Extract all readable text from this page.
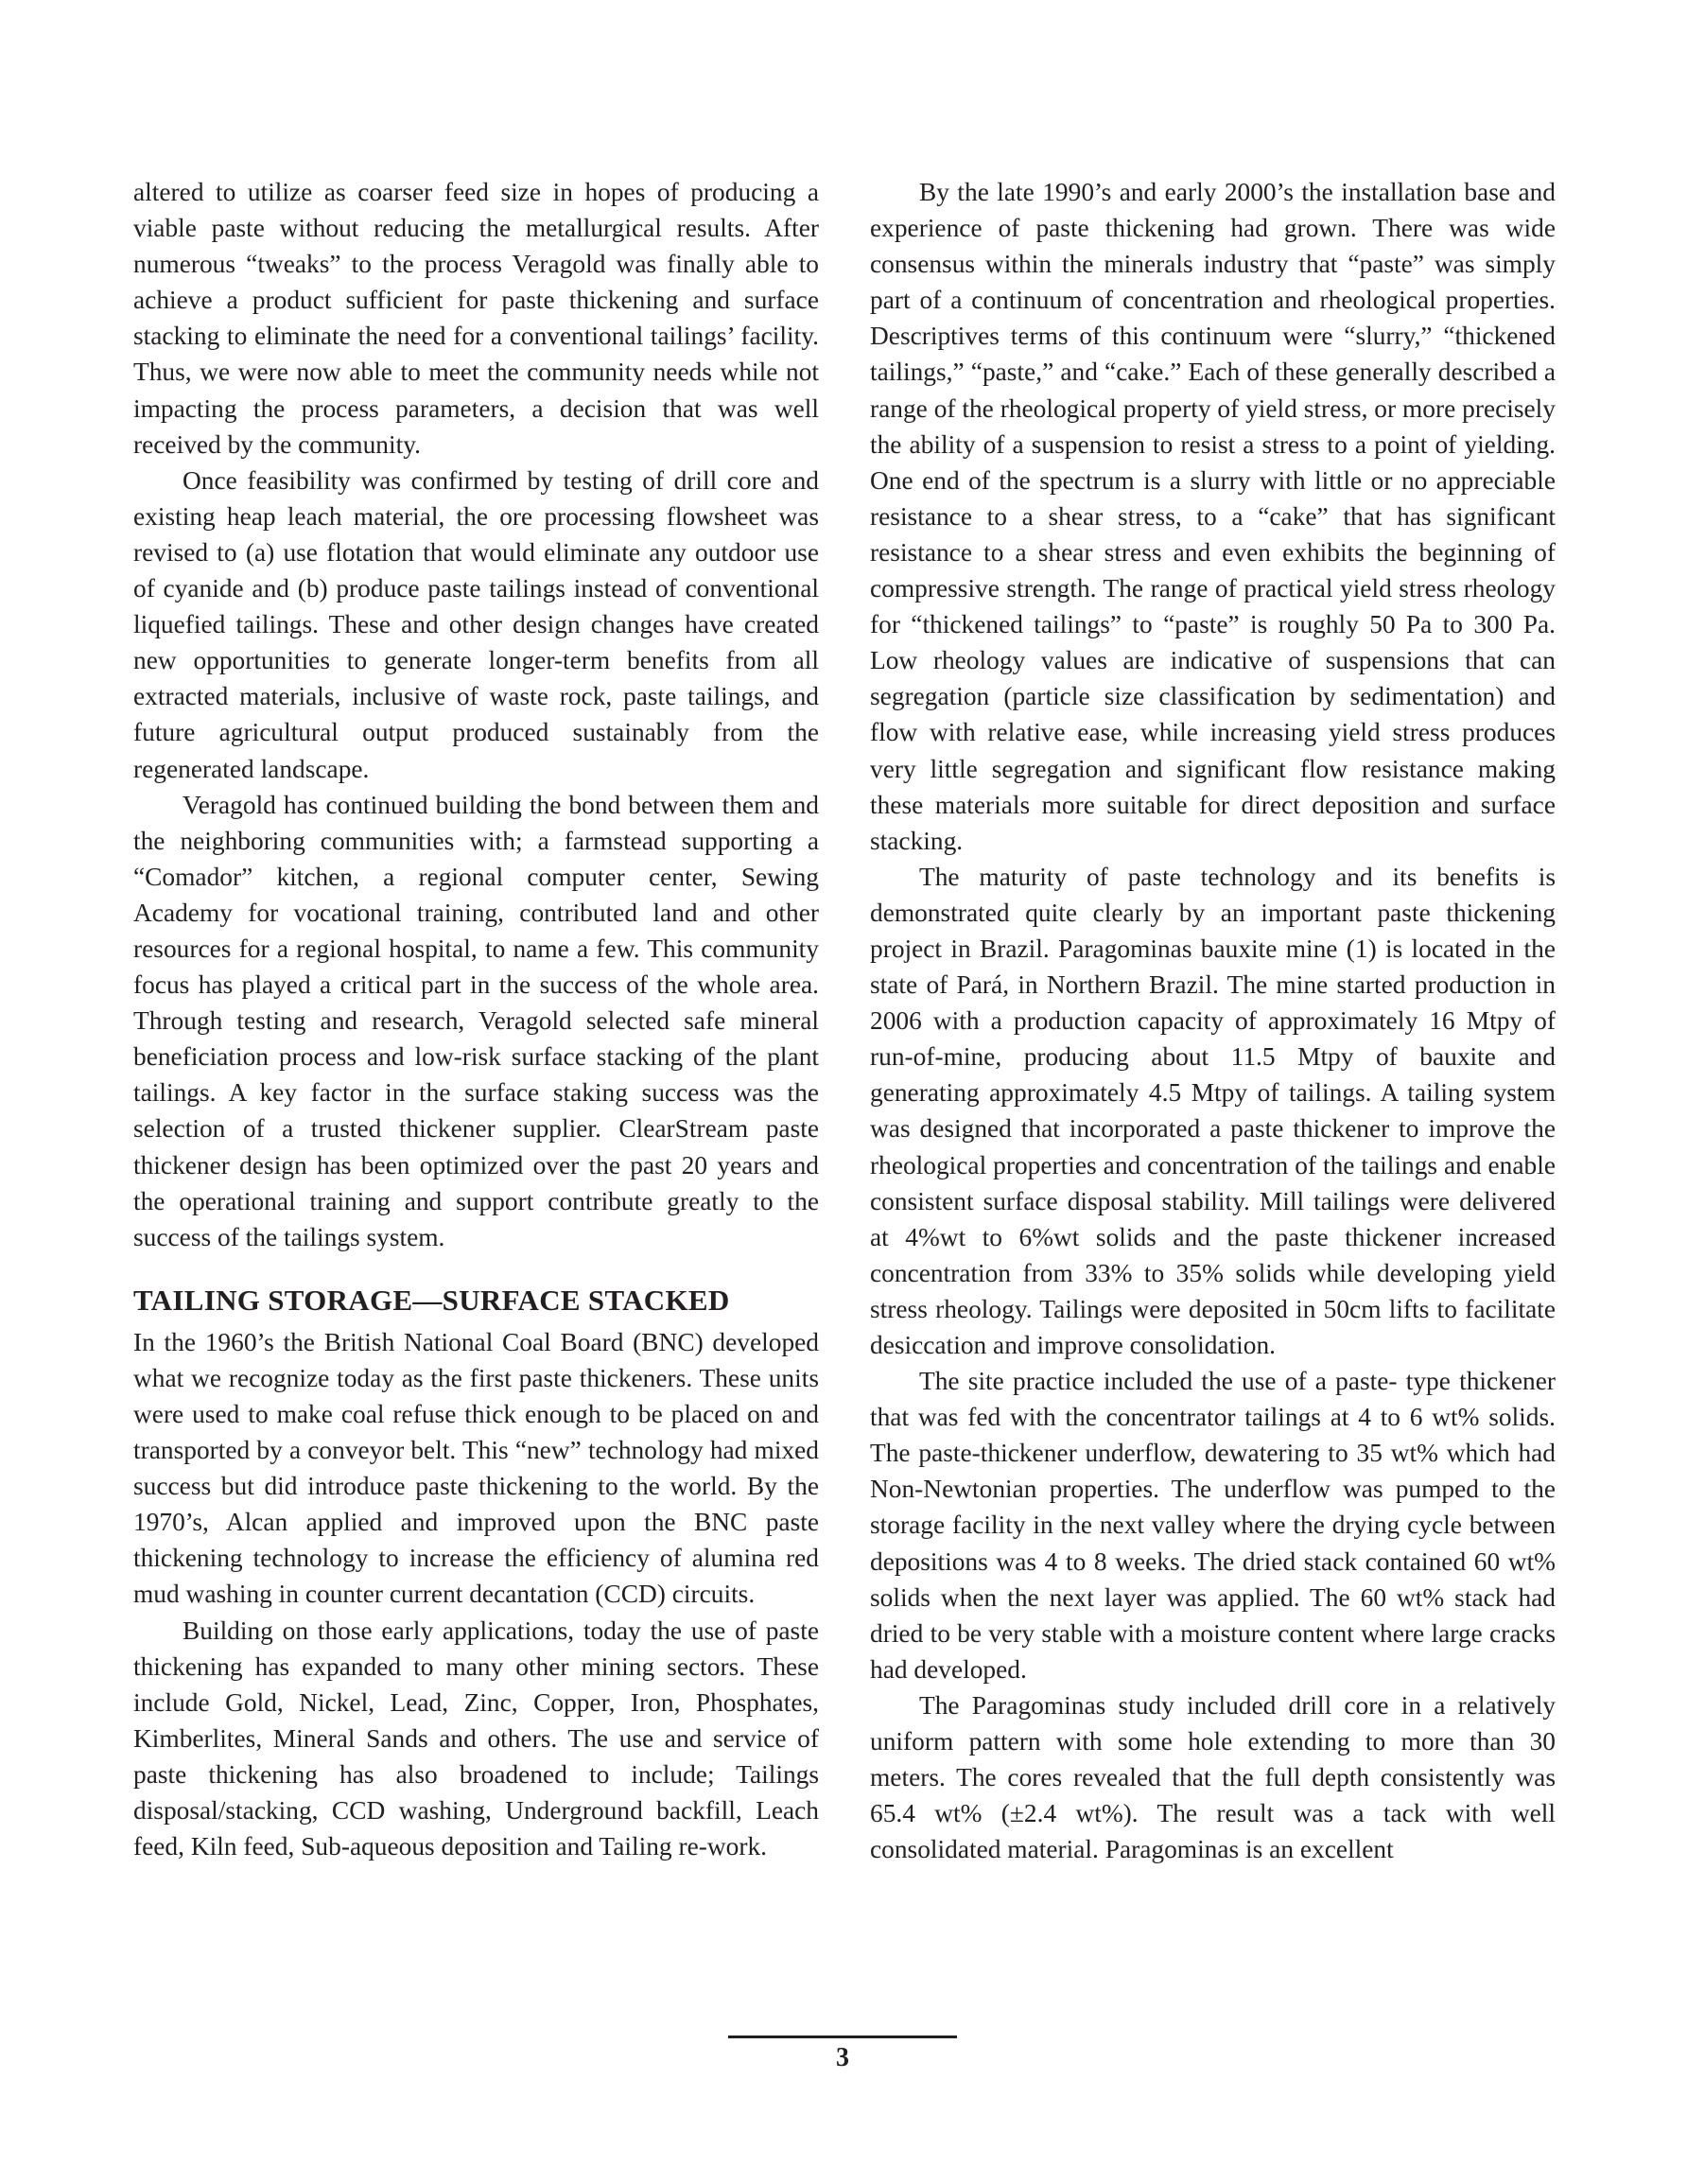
altered to utilize as coarser feed size in hopes of producing a viable paste without reducing the metallurgical results. After numerous “tweaks” to the process Veragold was finally able to achieve a product sufficient for paste thickening and surface stacking to eliminate the need for a conventional tailings’ facility. Thus, we were now able to meet the community needs while not impacting the process parameters, a decision that was well received by the community.

Once feasibility was confirmed by testing of drill core and existing heap leach material, the ore processing flowsheet was revised to (a) use flotation that would eliminate any outdoor use of cyanide and (b) produce paste tailings instead of conventional liquefied tailings. These and other design changes have created new opportunities to generate longer-term benefits from all extracted materials, inclusive of waste rock, paste tailings, and future agricultural output produced sustainably from the regenerated landscape.

Veragold has continued building the bond between them and the neighboring communities with; a farmstead supporting a “Comador” kitchen, a regional computer center, Sewing Academy for vocational training, contributed land and other resources for a regional hospital, to name a few. This community focus has played a critical part in the success of the whole area. Through testing and research, Veragold selected safe mineral beneficiation process and low-risk surface stacking of the plant tailings. A key factor in the surface staking success was the selection of a trusted thickener supplier. ClearStream paste thickener design has been optimized over the past 20 years and the operational training and support contribute greatly to the success of the tailings system.

TAILING STORAGE—SURFACE STACKED

In the 1960’s the British National Coal Board (BNC) developed what we recognize today as the first paste thickeners. These units were used to make coal refuse thick enough to be placed on and transported by a conveyor belt. This “new” technology had mixed success but did introduce paste thickening to the world. By the 1970’s, Alcan applied and improved upon the BNC paste thickening technology to increase the efficiency of alumina red mud washing in counter current decantation (CCD) circuits.

Building on those early applications, today the use of paste thickening has expanded to many other mining sectors. These include Gold, Nickel, Lead, Zinc, Copper, Iron, Phosphates, Kimberlites, Mineral Sands and others. The use and service of paste thickening has also broadened to include; Tailings disposal/stacking, CCD washing, Underground backfill, Leach feed, Kiln feed, Sub-aqueous deposition and Tailing re-work.

By the late 1990’s and early 2000’s the installation base and experience of paste thickening had grown. There was wide consensus within the minerals industry that “paste” was simply part of a continuum of concentration and rheological properties. Descriptives terms of this continuum were “slurry,” “thickened tailings,” “paste,” and “cake.” Each of these generally described a range of the rheological property of yield stress, or more precisely the ability of a suspension to resist a stress to a point of yielding. One end of the spectrum is a slurry with little or no appreciable resistance to a shear stress, to a “cake” that has significant resistance to a shear stress and even exhibits the beginning of compressive strength. The range of practical yield stress rheology for “thickened tailings” to “paste” is roughly 50 Pa to 300 Pa. Low rheology values are indicative of suspensions that can segregation (particle size classification by sedimentation) and flow with relative ease, while increasing yield stress produces very little segregation and significant flow resistance making these materials more suitable for direct deposition and surface stacking.

The maturity of paste technology and its benefits is demonstrated quite clearly by an important paste thickening project in Brazil. Paragominas bauxite mine (1) is located in the state of Pará, in Northern Brazil. The mine started production in 2006 with a production capacity of approximately 16 Mtpy of run-of-mine, producing about 11.5 Mtpy of bauxite and generating approximately 4.5 Mtpy of tailings. A tailing system was designed that incorporated a paste thickener to improve the rheological properties and concentration of the tailings and enable consistent surface disposal stability. Mill tailings were delivered at 4%wt to 6%wt solids and the paste thickener increased concentration from 33% to 35% solids while developing yield stress rheology. Tailings were deposited in 50cm lifts to facilitate desiccation and improve consolidation.

The site practice included the use of a paste- type thickener that was fed with the concentrator tailings at 4 to 6 wt% solids. The paste-thickener underflow, dewatering to 35 wt% which had Non-Newtonian properties. The underflow was pumped to the storage facility in the next valley where the drying cycle between depositions was 4 to 8 weeks. The dried stack contained 60 wt% solids when the next layer was applied. The 60 wt% stack had dried to be very stable with a moisture content where large cracks had developed.

The Paragominas study included drill core in a relatively uniform pattern with some hole extending to more than 30 meters. The cores revealed that the full depth consistently was 65.4 wt% (±2.4 wt%). The result was a tack with well consolidated material. Paragominas is an excellent

3
